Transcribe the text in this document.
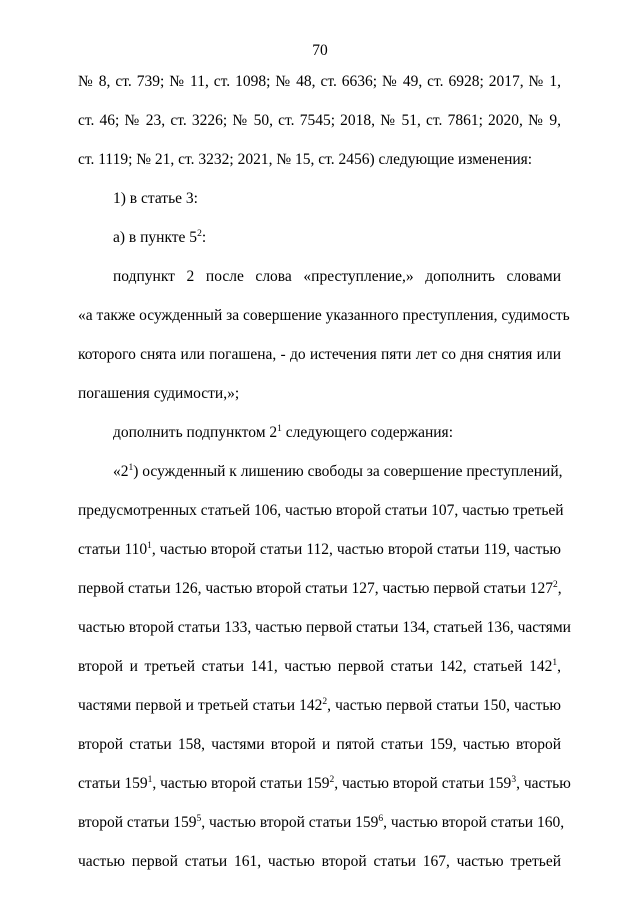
70
№ 8, ст. 739; № 11, ст. 1098; № 48, ст. 6636; № 49, ст. 6928; 2017, № 1,
ст. 46; № 23, ст. 3226; № 50, ст. 7545; 2018, № 51, ст. 7861; 2020, № 9,
ст. 1119; № 21, ст. 3232; 2021, № 15, ст. 2456) следующие изменения:
1) в статье 3:
а) в пункте $5^2$:
подпункт 2 после слова «преступление,» дополнить словами
«а также осужденный за совершение указанного преступления, судимость
которого снята или погашена, - до истечения пяти лет со дня снятия или
погашения судимости,»;
дополнить подпунктом $2^1$ следующего содержания:
«$2^1$) осужденный к лишению свободы за совершение преступлений,
предусмотренных статьей 106, частью второй статьи 107, частью третьей
статьи $110^1$, частью второй статьи 112, частью второй статьи 119, частью
первой статьи 126, частью второй статьи 127, частью первой статьи $127^2$,
частью второй статьи 133, частью первой статьи 134, статьей 136, частями
второй и третьей статьи 141, частью первой статьи 142, статьей $142^1$,
частями первой и третьей статьи $142^2$, частью первой статьи 150, частью
второй статьи 158, частями второй и пятой статьи 159, частью второй
статьи $159^1$, частью второй статьи $159^2$, частью второй статьи $159^3$, частью
второй статьи $159^5$, частью второй статьи $159^6$, частью второй статьи 160,
частью первой статьи 161, частью второй статьи 167, частью третьей
